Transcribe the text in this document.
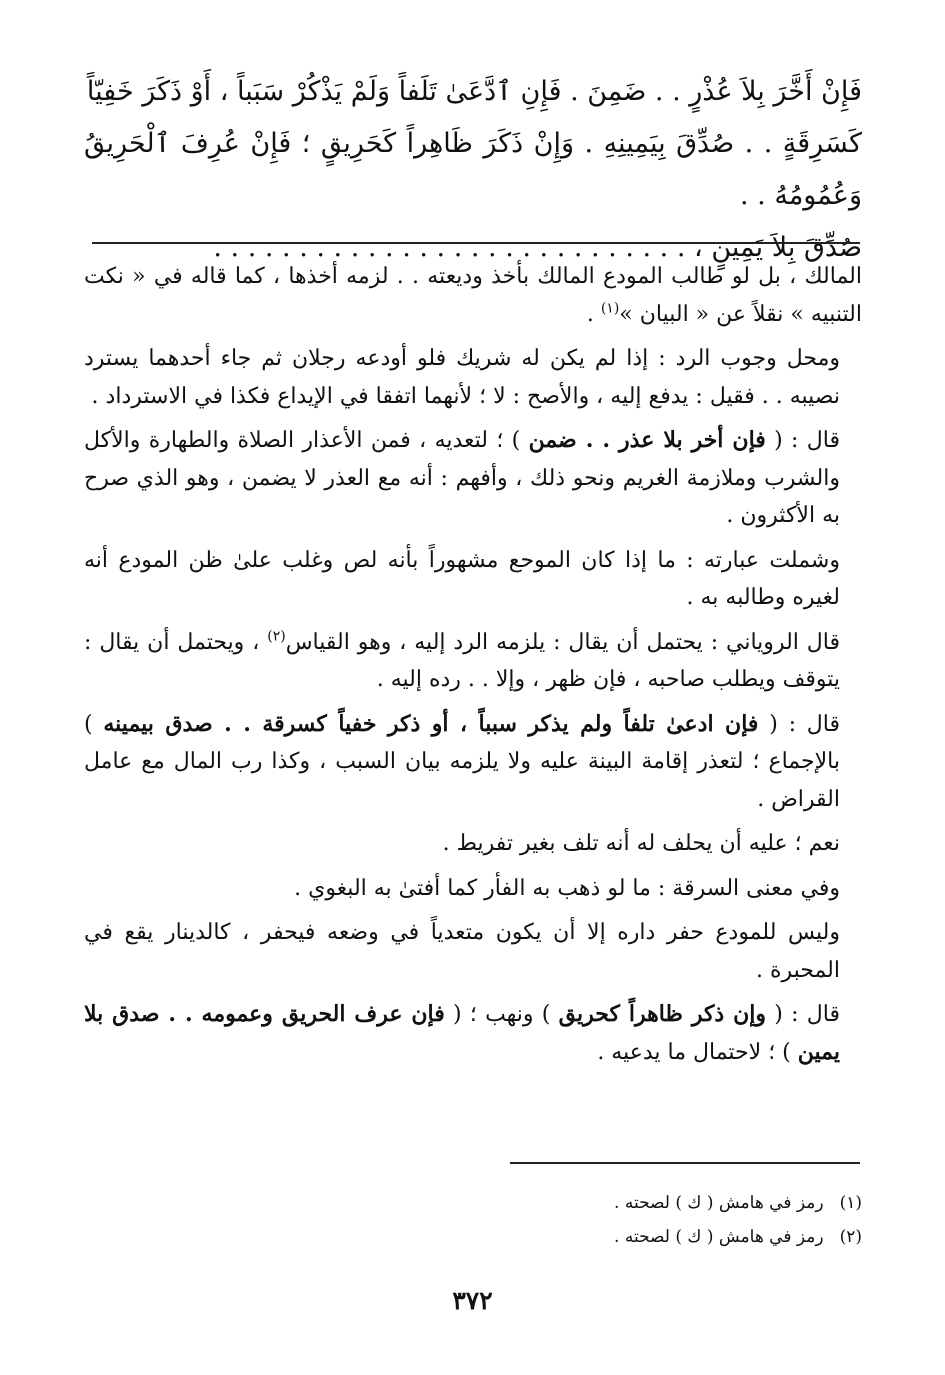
فَإِنْ أَخَّرَ بِلاَ عُذْرٍ . . ضَمِنَ . فَإِنِ ٱدَّعَىٰ تَلَفاً وَلَمْ يَذْكُرْ سَبَباً ، أَوْ ذَكَرَ خَفِيّاً

كَسَرِقَةٍ . . صُدِّقَ بِيَمِينِهِ . وَإِنْ ذَكَرَ ظَاهِراً كَحَرِيقٍ ؛ فَإِنْ عُرِفَ ٱلْحَرِيقُ وَعُمُومُهُ . .

صُدِّقَ بِلاَ يَمِينٍ ، . . . . . . . . . . . . . . . . . . . . . . . . . . . .

المالك ، بل لو طالب المودع المالك بأخذ وديعته . . لزمه أخذها ، كما قاله في « نكت التنبيه » نقلاً عن « البيان »$^{(١)}$ .

ومحل وجوب الرد : إذا لم يكن له شريك فلو أودعه رجلان ثم جاء أحدهما يسترد نصيبه . . فقيل : يدفع إليه ، والأصح : لا ؛ لأنهما اتفقا في الإيداع فكذا في الاسترداد .

قال : ( فإن أخر بلا عذر . . ضمن ) ؛ لتعديه ، فمن الأعذار الصلاة والطهارة والأكل والشرب وملازمة الغريم ونحو ذلك ، وأفهم : أنه مع العذر لا يضمن ، وهو الذي صرح به الأكثرون .

وشملت عبارته : ما إذا كان الموحع مشهوراً بأنه لص وغلب علىٰ ظن المودع أنه لغيره وطالبه به .

قال الروياني : يحتمل أن يقال : يلزمه الرد إليه ، وهو القياس$^{(٢)}$ ، ويحتمل أن يقال : يتوقف ويطلب صاحبه ، فإن ظهر ، وإلا . . رده إليه .

قال : ( فإن ادعىٰ تلفاً ولم يذكر سبباً ، أو ذكر خفياً كسرقة . . صدق بيمينه ) بالإجماع ؛ لتعذر إقامة البينة عليه ولا يلزمه بيان السبب ، وكذا رب المال مع عامل القراض .

نعم ؛ عليه أن يحلف له أنه تلف بغير تفريط .

وفي معنى السرقة : ما لو ذهب به الفأر كما أفتىٰ به البغوي .

وليس للمودع حفر داره إلا أن يكون متعدياً في وضعه فيحفر ، كالدينار يقع في المحبرة .

قال : ( وإن ذكر ظاهراً كحريق ) ونهب ؛ ( فإن عرف الحريق وعمومه . . صدق بلا يمين ) ؛ لاحتمال ما يدعيه .

(١)
رمز في هامش ( ك ) لصحته .
(٢)
رمز في هامش ( ك ) لصحته .
٣٧٢
